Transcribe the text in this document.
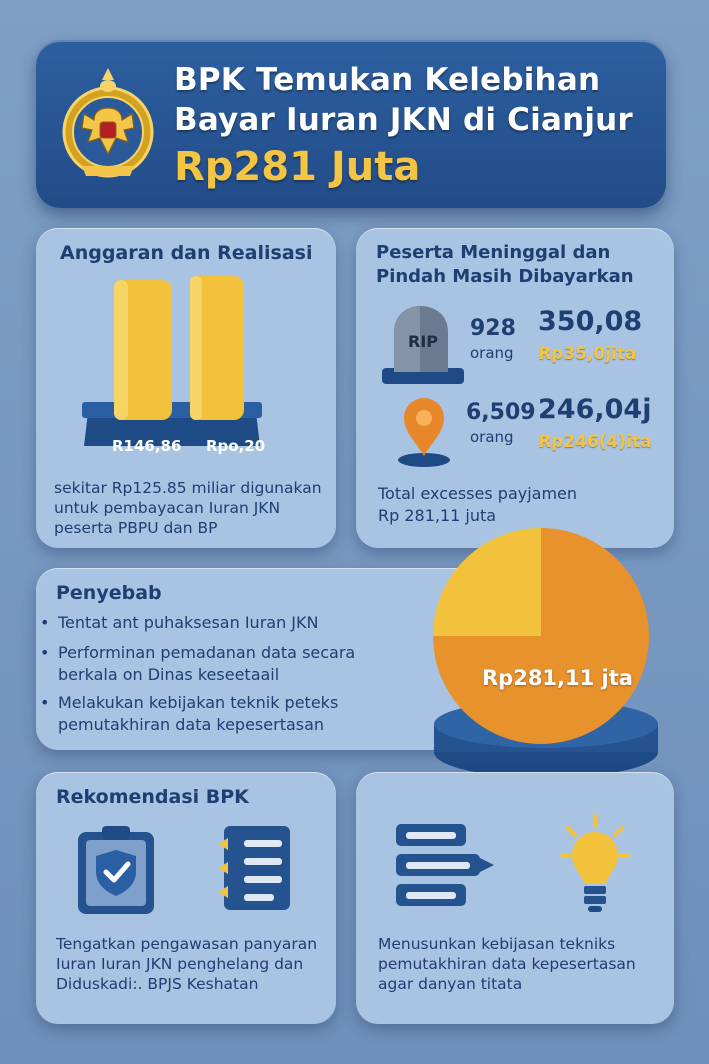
BPK Temukan Kelebihan
Bayar Iuran JKN di Cianjur
Rp281 Juta
Anggaran dan Realisasi
R146,86 Rpo,20
sekitar Rp125.85 miliar digunakan untuk pembayacan Iuran JKN peserta PBPU dan BP
Peserta Meninggal dan
Pindah Masih Dibayarkan
RIP
928
orang
350,08
Rp35,0jita
6,509
orang
246,04j
Rp246(4)ita
Total excesses payjamen
Rp 281,11 juta
Penyebab
• Tentat ant puhaksesan Iuran JKN
• Performinan pemadanan data secara berkala on Dinas keseetaail
• Melakukan kebijakan teknik peteks pemutakhiran data kepesertasan
Rp281,11 jta
Rekomendasi BPK
Tengatkan pengawasan panyaran Iuran Iuran JKN penghelang dan Diduskadi:. BPJS Keshatan
Menusunkan kebijasan tekniks pemutakhiran data kepesertasan agar danyan titata
